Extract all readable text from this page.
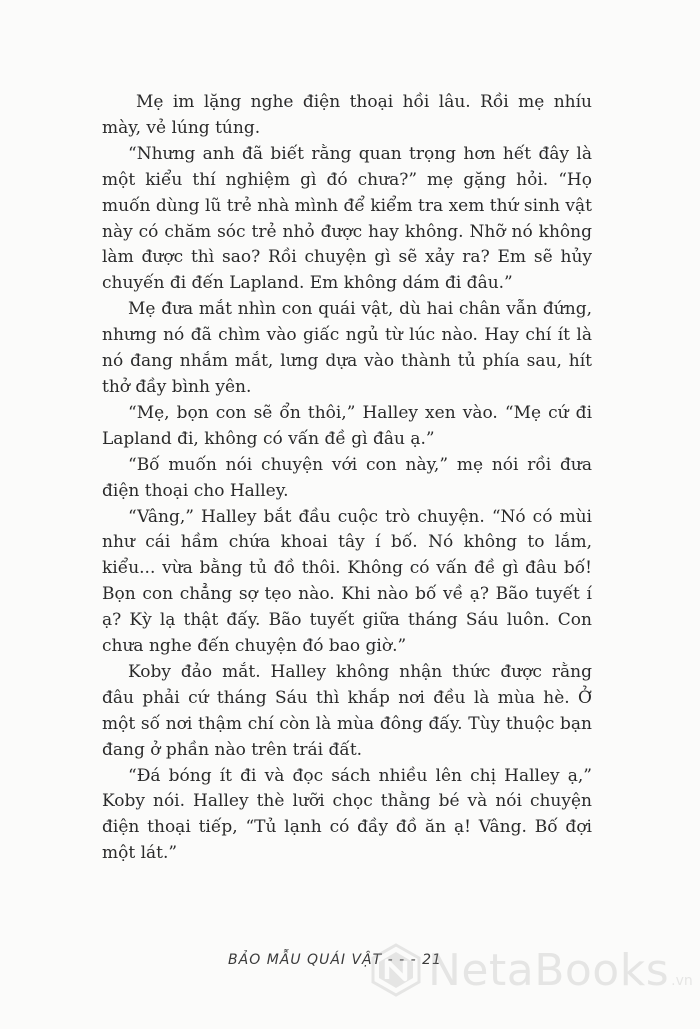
Mẹ im lặng nghe điện thoại hồi lâu. Rồi mẹ nhíu mày, vẻ lúng túng.

“Nhưng anh đã biết rằng quan trọng hơn hết đây là một kiểu thí nghiệm gì đó chưa?” mẹ gặng hỏi. “Họ muốn dùng lũ trẻ nhà mình để kiểm tra xem thứ sinh vật này có chăm sóc trẻ nhỏ được hay không. Nhỡ nó không làm được thì sao? Rồi chuyện gì sẽ xảy ra? Em sẽ hủy chuyến đi đến Lapland. Em không dám đi đâu.”

Mẹ đưa mắt nhìn con quái vật, dù hai chân vẫn đứng, nhưng nó đã chìm vào giấc ngủ từ lúc nào. Hay chí ít là nó đang nhắm mắt, lưng dựa vào thành tủ phía sau, hít thở đầy bình yên.

“Mẹ, bọn con sẽ ổn thôi,” Halley xen vào. “Mẹ cứ đi Lapland đi, không có vấn đề gì đâu ạ.”

“Bố muốn nói chuyện với con này,” mẹ nói rồi đưa điện thoại cho Halley.

“Vâng,” Halley bắt đầu cuộc trò chuyện. “Nó có mùi như cái hầm chứa khoai tây í bố. Nó không to lắm, kiểu... vừa bằng tủ đồ thôi. Không có vấn đề gì đâu bố! Bọn con chẳng sợ tẹo nào. Khi nào bố về ạ? Bão tuyết í ạ? Kỳ lạ thật đấy. Bão tuyết giữa tháng Sáu luôn. Con chưa nghe đến chuyện đó bao giờ.”

Koby đảo mắt. Halley không nhận thức được rằng đâu phải cứ tháng Sáu thì khắp nơi đều là mùa hè. Ở một số nơi thậm chí còn là mùa đông đấy. Tùy thuộc bạn đang ở phần nào trên trái đất.

“Đá bóng ít đi và đọc sách nhiều lên chị Halley ạ,” Koby nói. Halley thè lưỡi chọc thằng bé và nói chuyện điện thoại tiếp, “Tủ lạnh có đầy đồ ăn ạ! Vâng. Bố đợi một lát.”

BẢO MẪU QUÁI VẬT - - - 21
NetaBooks .vn
